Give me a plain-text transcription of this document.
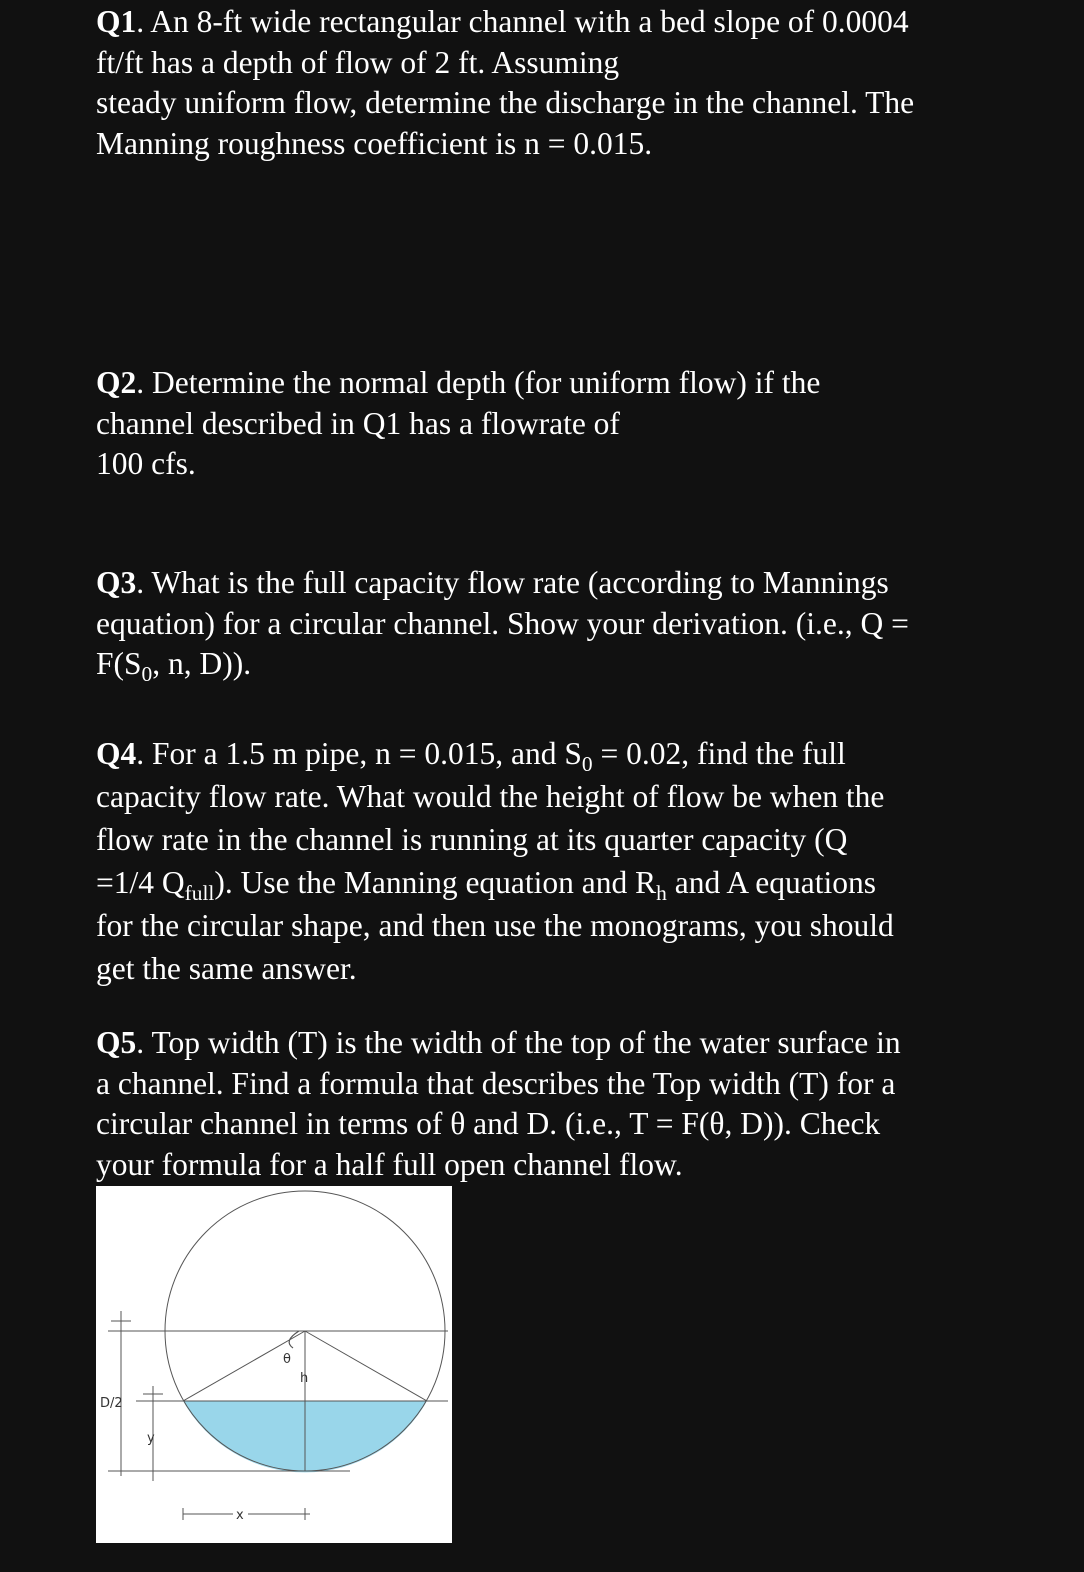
Q1. An 8-ft wide rectangular channel with a bed slope of 0.0004
ft/ft has a depth of flow of 2 ft. Assuming
steady uniform flow, determine the discharge in the channel. The
Manning roughness coefficient is n = 0.015.
Q2. Determine the normal depth (for uniform flow) if the
channel described in Q1 has a flowrate of
100 cfs.
Q3. What is the full capacity flow rate (according to Mannings
equation) for a circular channel. Show your derivation. (i.e., Q =
$F(S_0$, n, D)).
Q4. For a 1.5 m pipe, n = 0.015, and $S_0 = 0.02$, find the full
capacity flow rate. What would the height of flow be when the
flow rate in the channel is running at its quarter capacity (Q
=1/4 $Q_{full}$). Use the Manning equation and $R_h$ and A equations
for the circular shape, and then use the monograms, you should
get the same answer.
Q5. Top width (T) is the width of the top of the water surface in
a channel. Find a formula that describes the Top width (T) for a
circular channel in terms of θ and D. (i.e., T = F(θ, D)). Check
your formula for a half full open channel flow.
θ
h
D/2
y
x
